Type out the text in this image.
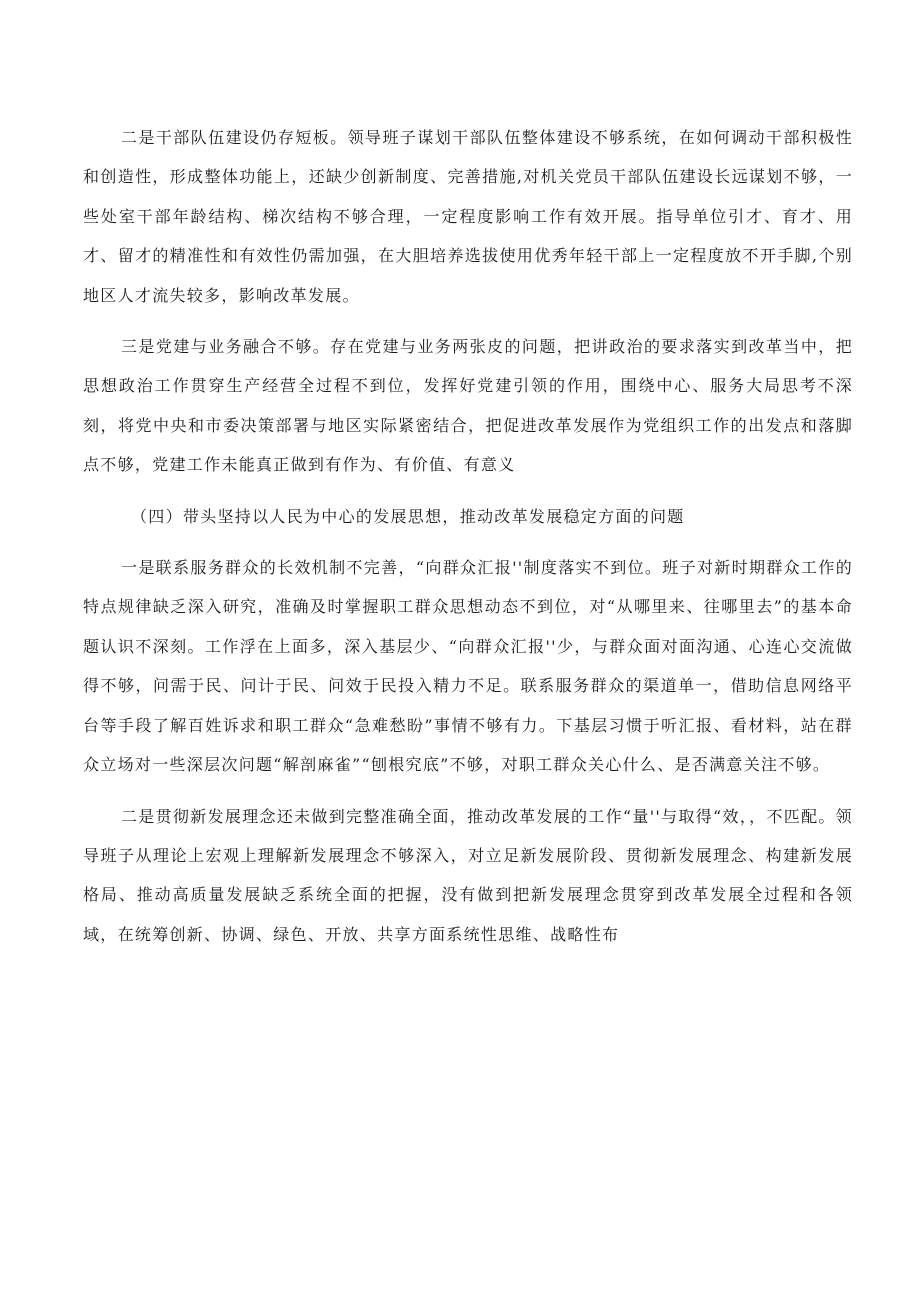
二是干部队伍建设仍存短板。领导班子谋划干部队伍整体建设不够系统，在如何调动干部积极性和创造性，形成整体功能上，还缺少创新制度、完善措施,对机关党员干部队伍建设长远谋划不够，一些处室干部年龄结构、梯次结构不够合理，一定程度影响工作有效开展。指导单位引才、育才、用才、留才的精准性和有效性仍需加强，在大胆培养选拔使用优秀年轻干部上一定程度放不开手脚,个别地区人才流失较多，影响改革发展。

三是党建与业务融合不够。存在党建与业务两张皮的问题，把讲政治的要求落实到改革当中，把思想政治工作贯穿生产经营全过程不到位，发挥好党建引领的作用，围绕中心、服务大局思考不深刻，将党中央和市委决策部署与地区实际紧密结合，把促进改革发展作为党组织工作的出发点和落脚点不够，党建工作未能真正做到有作为、有价值、有意义

（四）带头坚持以人民为中心的发展思想，推动改革发展稳定方面的问题

一是联系服务群众的长效机制不完善，“向群众汇报''制度落实不到位。班子对新时期群众工作的特点规律缺乏深入研究，准确及时掌握职工群众思想动态不到位，对“从哪里来、往哪里去”的基本命题认识不深刻。工作浮在上面多，深入基层少、“向群众汇报''少，与群众面对面沟通、心连心交流做得不够，问需于民、问计于民、问效于民投入精力不足。联系服务群众的渠道单一，借助信息网络平台等手段了解百姓诉求和职工群众“急难愁盼”事情不够有力。下基层习惯于听汇报、看材料，站在群众立场对一些深层次问题“解剖麻雀”“刨根究底”不够，对职工群众关心什么、是否满意关注不够。

二是贯彻新发展理念还未做到完整准确全面，推动改革发展的工作“量''与取得“效，，不匹配。领导班子从理论上宏观上理解新发展理念不够深入，对立足新发展阶段、贯彻新发展理念、构建新发展格局、推动高质量发展缺乏系统全面的把握，没有做到把新发展理念贯穿到改革发展全过程和各领域，在统筹创新、协调、绿色、开放、共享方面系统性思维、战略性布
